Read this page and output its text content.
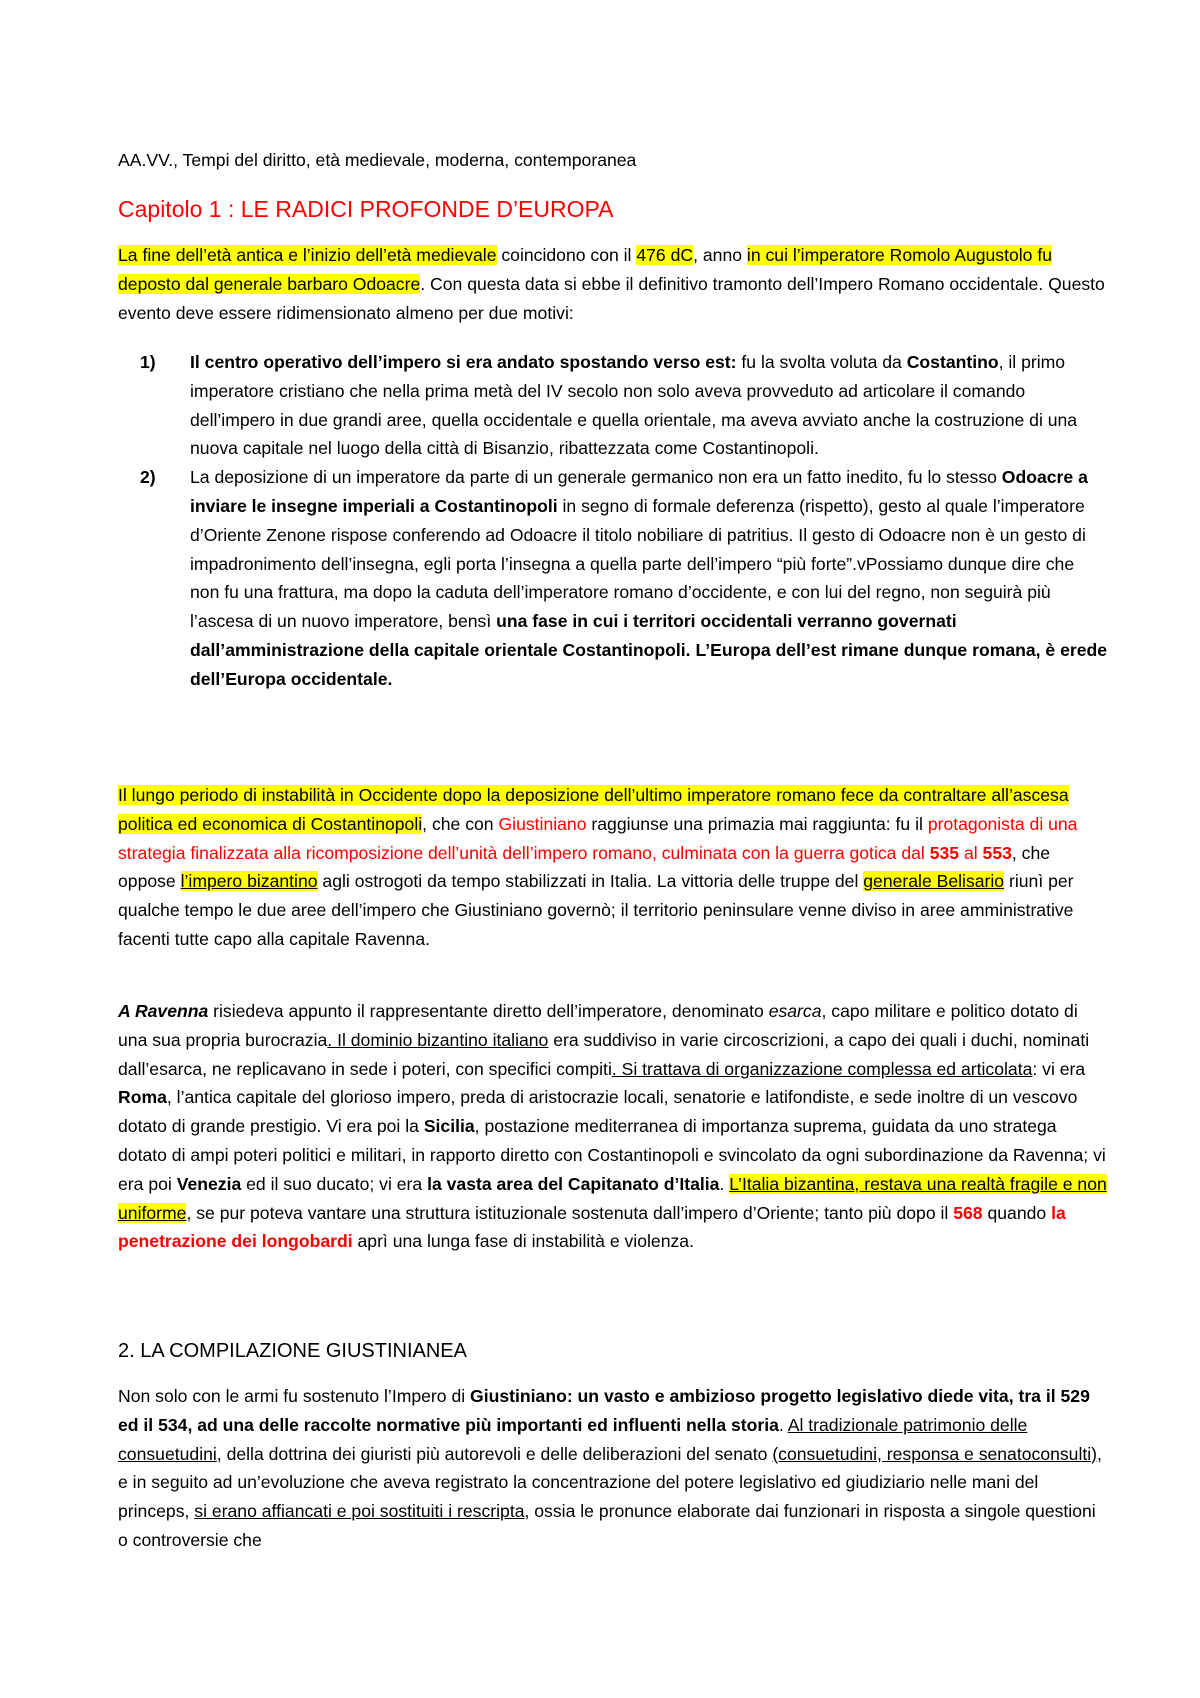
AA.VV., Tempi del diritto, età medievale, moderna, contemporanea
Capitolo 1 : LE RADICI PROFONDE D’EUROPA
La fine dell’età antica e l’inizio dell’età medievale coincidono con il 476 dC, anno in cui l’imperatore Romolo Augustolo fu deposto dal generale barbaro Odoacre. Con questa data si ebbe il definitivo tramonto dell’Impero Romano occidentale. Questo evento deve essere ridimensionato almeno per due motivi:
1) Il centro operativo dell’impero si era andato spostando verso est: fu la svolta voluta da Costantino, il primo imperatore cristiano che nella prima metà del IV secolo non solo aveva provveduto ad articolare il comando dell’impero in due grandi aree, quella occidentale e quella orientale, ma aveva avviato anche la costruzione di una nuova capitale nel luogo della città di Bisanzio, ribattezzata come Costantinopoli.
2) La deposizione di un imperatore da parte di un generale germanico non era un fatto inedito, fu lo stesso Odoacre a inviare le insegne imperiali a Costantinopoli in segno di formale deferenza (rispetto), gesto al quale l’imperatore d’Oriente Zenone rispose conferendo ad Odoacre il titolo nobiliare di patritius. Il gesto di Odoacre non è un gesto di impadronimento dell’insegna, egli porta l’insegna a quella parte dell’impero “più forte”.vPossiamo dunque dire che non fu una frattura, ma dopo la caduta dell’imperatore romano d’occidente, e con lui del regno, non seguirà più l’ascesa di un nuovo imperatore, bensì una fase in cui i territori occidentali verranno governati dall’amministrazione della capitale orientale Costantinopoli. L’Europa dell’est rimane dunque romana, è erede dell’Europa occidentale.
Il lungo periodo di instabilità in Occidente dopo la deposizione dell’ultimo imperatore romano fece da contraltare all’ascesa politica ed economica di Costantinopoli, che con Giustiniano raggiunse una primazia mai raggiunta: fu il protagonista di una strategia finalizzata alla ricomposizione dell’unità dell’impero romano, culminata con la guerra gotica dal 535 al 553, che oppose l’impero bizantino agli ostrogoti da tempo stabilizzati in Italia. La vittoria delle truppe del generale Belisario riunì per qualche tempo le due aree dell’impero che Giustiniano governò; il territorio peninsulare venne diviso in aree amministrative facenti tutte capo alla capitale Ravenna.
A Ravenna risiedeva appunto il rappresentante diretto dell’imperatore, denominato esarca, capo militare e politico dotato di una sua propria burocrazia. Il dominio bizantino italiano era suddiviso in varie circoscrizioni, a capo dei quali i duchi, nominati dall’esarca, ne replicavano in sede i poteri, con specifici compiti. Si trattava di organizzazione complessa ed articolata: vi era Roma, l’antica capitale del glorioso impero, preda di aristocrazie locali, senatorie e latifondiste, e sede inoltre di un vescovo dotato di grande prestigio. Vi era poi la Sicilia, postazione mediterranea di importanza suprema, guidata da uno stratega dotato di ampi poteri politici e militari, in rapporto diretto con Costantinopoli e svincolato da ogni subordinazione da Ravenna; vi era poi Venezia ed il suo ducato; vi era la vasta area del Capitanato d’Italia. L’Italia bizantina, restava una realtà fragile e non uniforme, se pur poteva vantare una struttura istituzionale sostenuta dall’impero d’Oriente; tanto più dopo il 568 quando la penetrazione dei longobardi aprì una lunga fase di instabilità e violenza.
2. LA COMPILAZIONE GIUSTINIANEA
Non solo con le armi fu sostenuto l’Impero di Giustiniano: un vasto e ambizioso progetto legislativo diede vita, tra il 529 ed il 534, ad una delle raccolte normative più importanti ed influenti nella storia. Al tradizionale patrimonio delle consuetudini, della dottrina dei giuristi più autorevoli e delle deliberazioni del senato (consuetudini, responsa e senatoconsulti), e in seguito ad un’evoluzione che aveva registrato la concentrazione del potere legislativo ed giudiziario nelle mani del princeps, si erano affiancati e poi sostituiti i rescripta, ossia le pronunce elaborate dai funzionari in risposta a singole questioni o controversie che
